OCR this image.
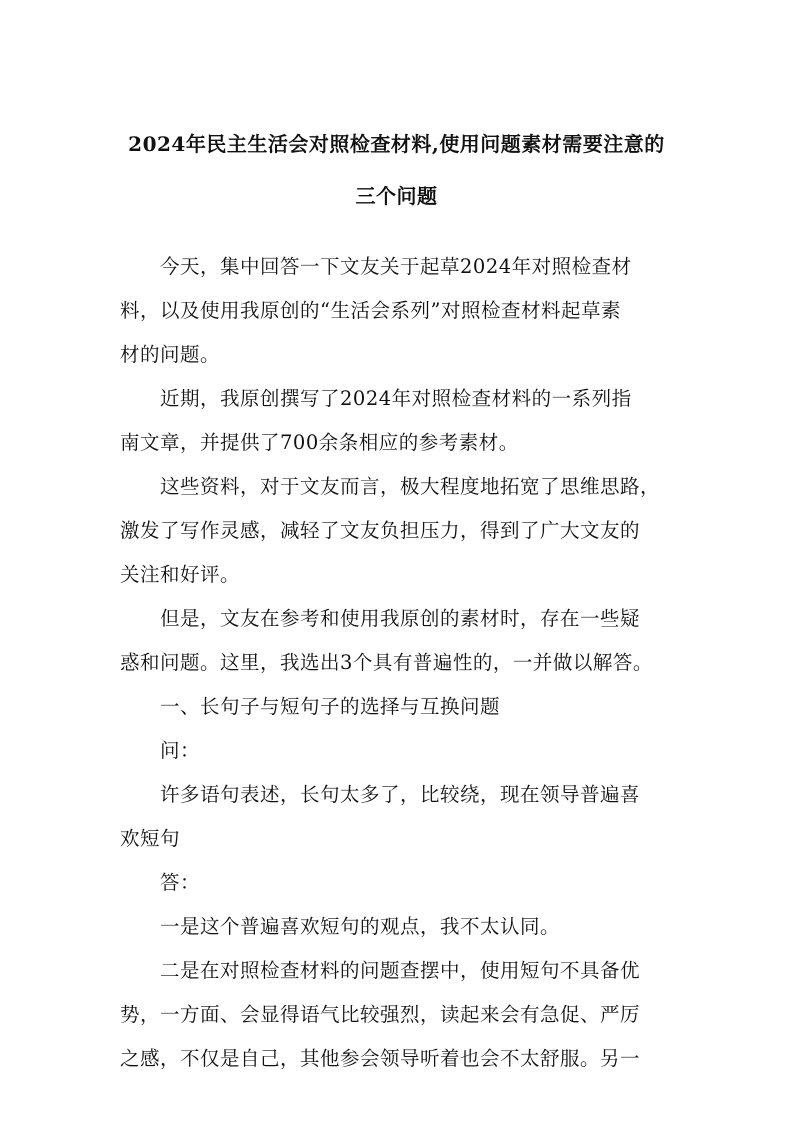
2024年民主生活会对照检查材料,使用问题素材需要注意的
三个问题
今天，集中回答一下文友关于起草2024年对照检查材
料，以及使用我原创的“生活会系列”对照检查材料起草素
材的问题。
近期，我原创撰写了2024年对照检查材料的一系列指
南文章，并提供了700余条相应的参考素材。
这些资料，对于文友而言，极大程度地拓宽了思维思路，
激发了写作灵感，减轻了文友负担压力，得到了广大文友的
关注和好评。
但是，文友在参考和使用我原创的素材时，存在一些疑
惑和问题。这里，我选出3个具有普遍性的，一并做以解答。
一、长句子与短句子的选择与互换问题
问：
许多语句表述，长句太多了，比较绕，现在领导普遍喜
欢短句
答：
一是这个普遍喜欢短句的观点，我不太认同。
二是在对照检查材料的问题查摆中，使用短句不具备优
势，一方面、会显得语气比较强烈，读起来会有急促、严厉
之感，不仅是自己，其他参会领导听着也会不太舒服。另一
